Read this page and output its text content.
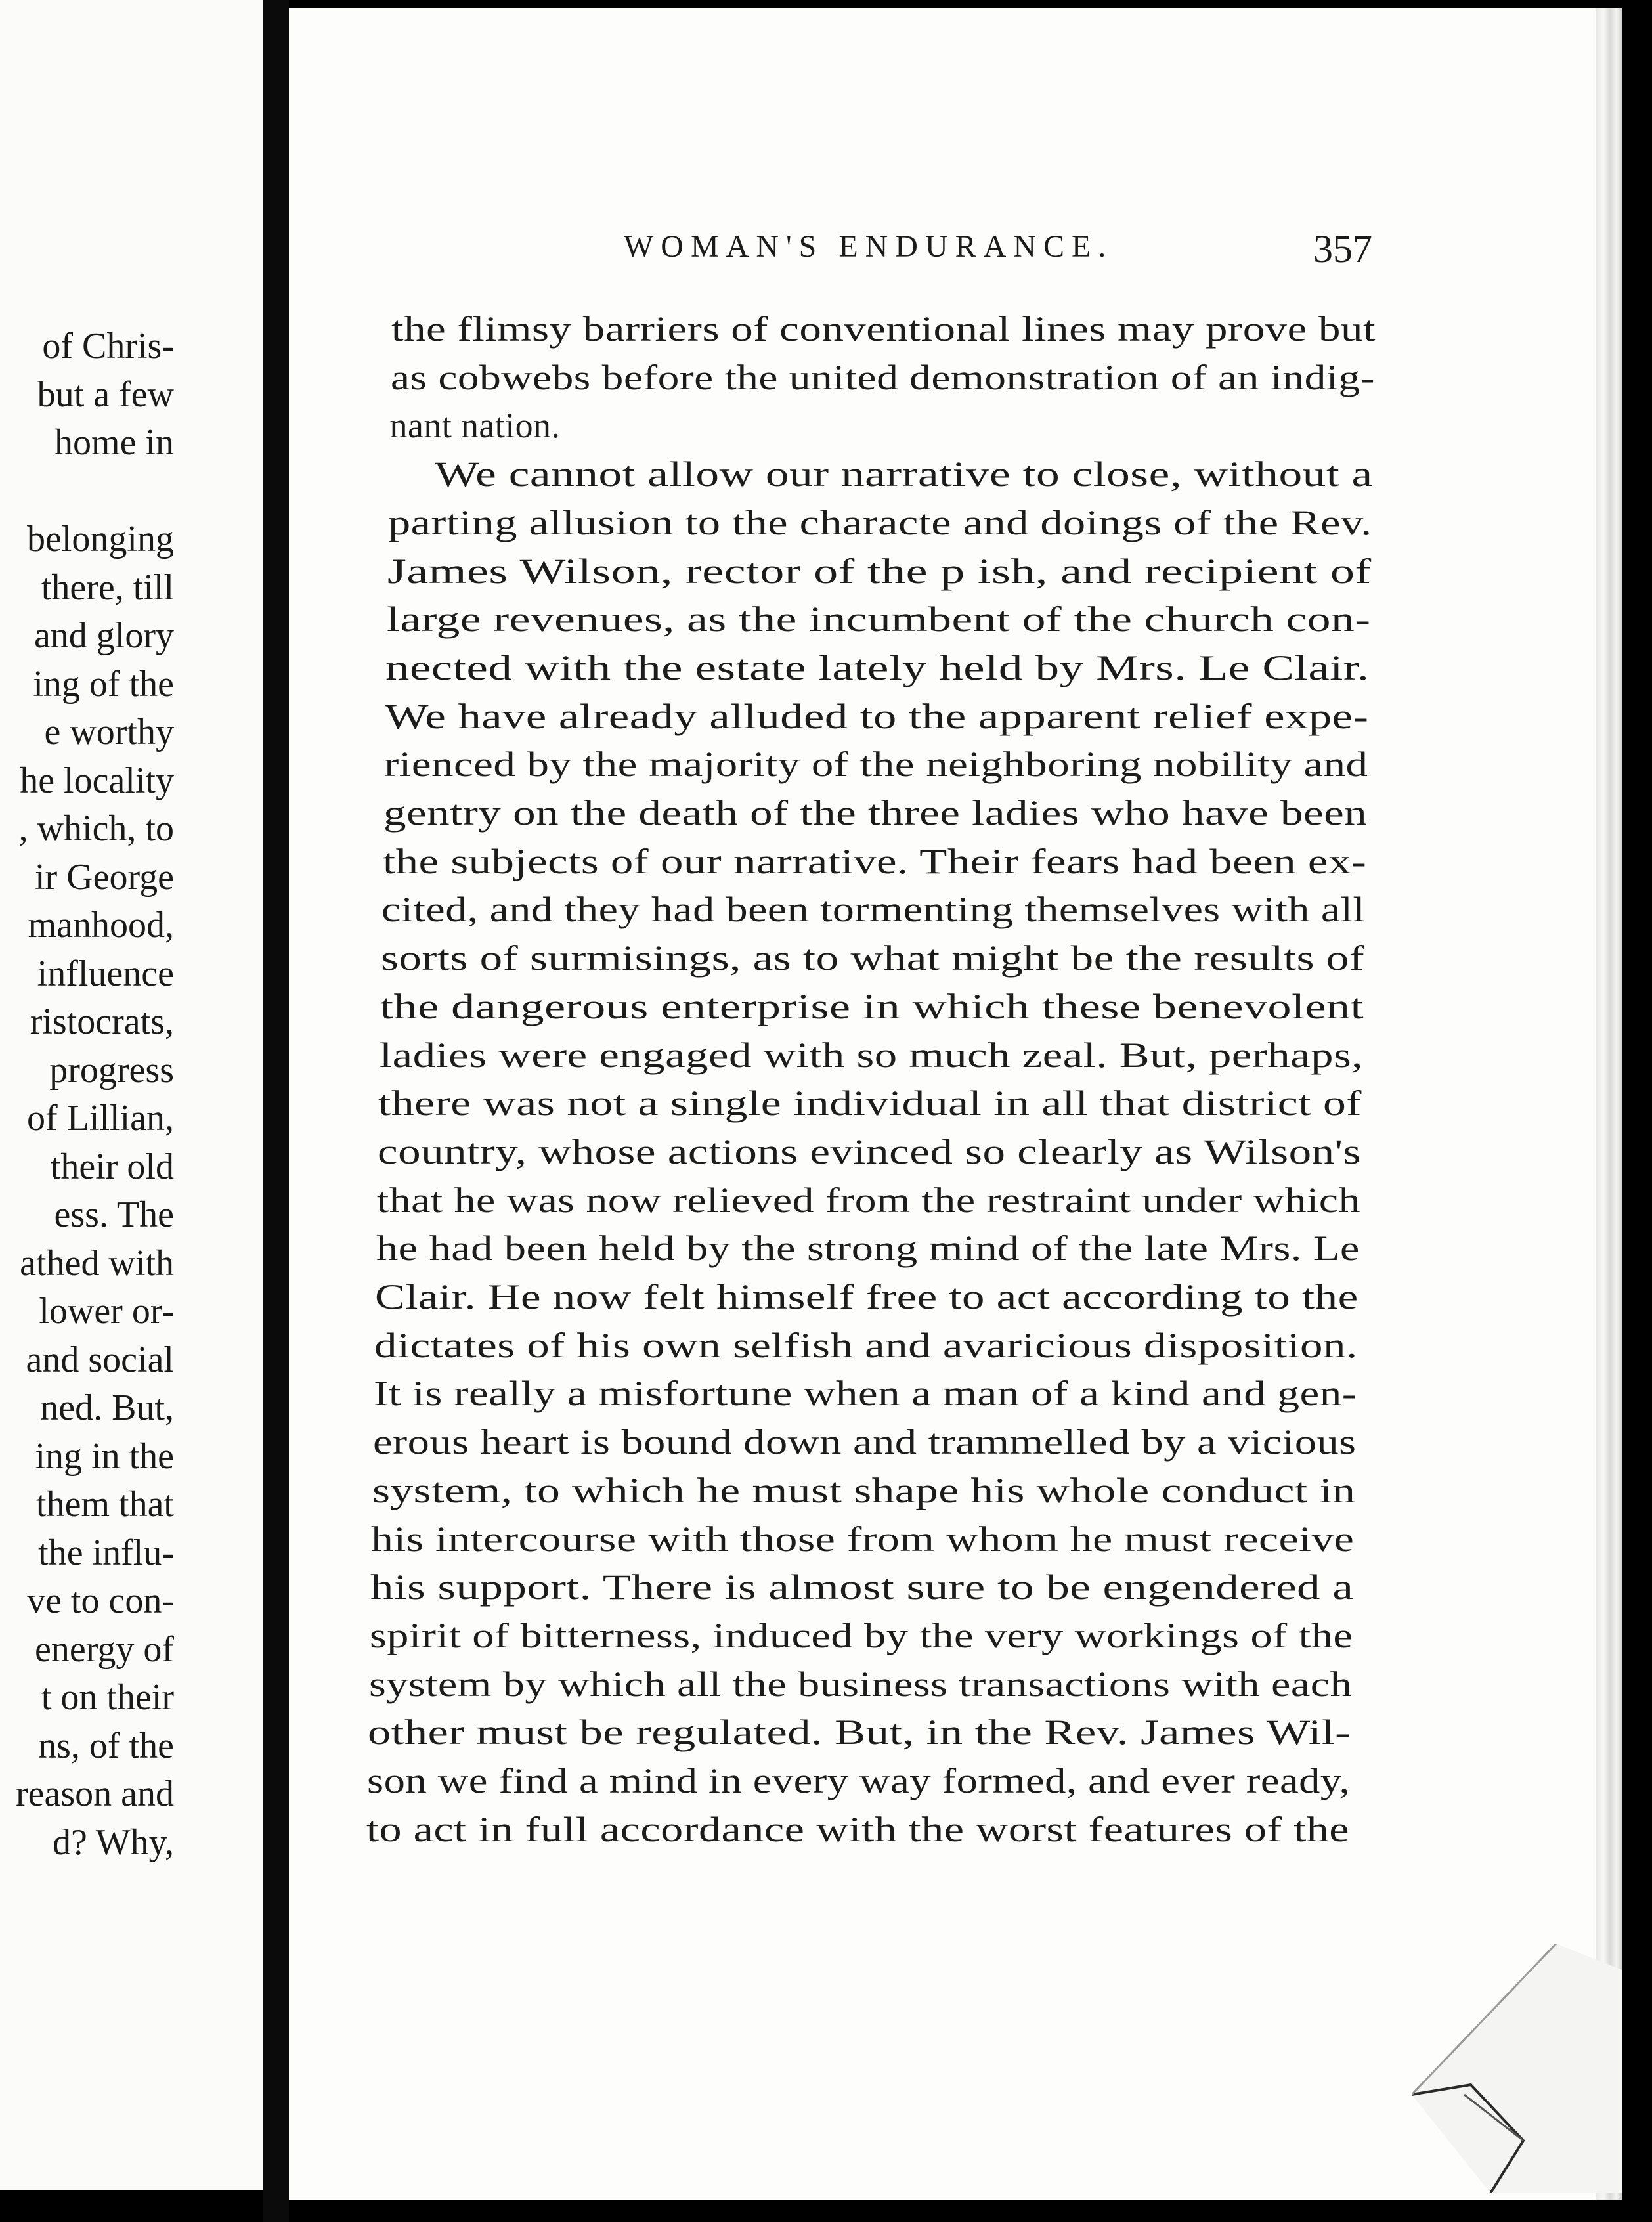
of Chris-
but a few
home in
belonging
there, till
and glory
ing of the
e worthy
he locality
, which, to
ir George
manhood,
influence
ristocrats,
progress
of Lillian,
their old
ess. The
athed with
lower or-
and social
ned. But,
ing in the
them that
the influ-
ve to con-
energy of
t on their
ns, of the
reason and
d? Why,
WOMAN'S ENDURANCE.	357
the flimsy barriers of conventional lines may prove but
as cobwebs before the united demonstration of an indig-
nant nation.
We cannot allow our narrative to close, without a
parting allusion to the characte and doings of the Rev.
James Wilson, rector of the p ish, and recipient of
large revenues, as the incumbent of the church con-
nected with the estate lately held by Mrs. Le Clair.
We have already alluded to the apparent relief expe-
rienced by the majority of the neighboring nobility and
gentry on the death of the three ladies who have been
the subjects of our narrative. Their fears had been ex-
cited, and they had been tormenting themselves with all
sorts of surmisings, as to what might be the results of
the dangerous enterprise in which these benevolent
ladies were engaged with so much zeal. But, perhaps,
there was not a single individual in all that district of
country, whose actions evinced so clearly as Wilson's
that he was now relieved from the restraint under which
he had been held by the strong mind of the late Mrs. Le
Clair. He now felt himself free to act according to the
dictates of his own selfish and avaricious disposition.
It is really a misfortune when a man of a kind and gen-
erous heart is bound down and trammelled by a vicious
system, to which he must shape his whole conduct in
his intercourse with those from whom he must receive
his support. There is almost sure to be engendered a
spirit of bitterness, induced by the very workings of the
system by which all the business transactions with each
other must be regulated. But, in the Rev. James Wil-
son we find a mind in every way formed, and ever ready,
to act in full accordance with the worst features of the
